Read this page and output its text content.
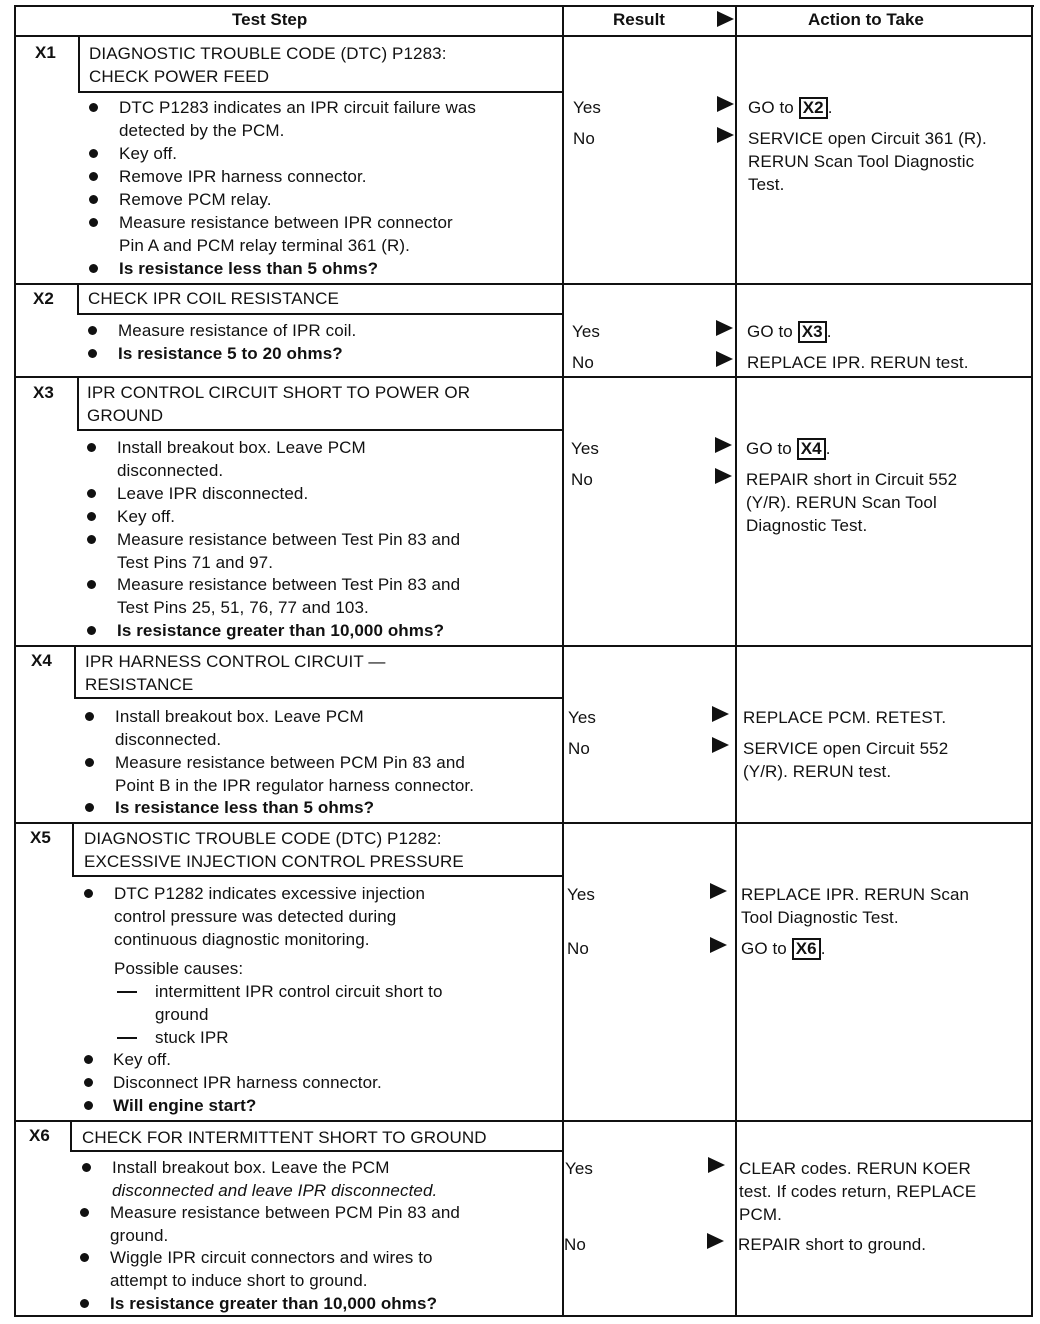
Test Step	Result	Action to Take
X1 DIAGNOSTIC TROUBLE CODE (DTC) P1283:
CHECK POWER FEED
DTC P1283 indicates an IPR circuit failure was
detected by the PCM.
Key off.
Remove IPR harness connector.
Remove PCM relay.
Measure resistance between IPR connector
Pin A and PCM relay terminal 361 (R).
Is resistance less than 5 ohms?
Yes	GO to X2 .
No	SERVICE open Circuit 361 (R).
RERUN Scan Tool Diagnostic
Test.
X2 CHECK IPR COIL RESISTANCE
Measure resistance of IPR coil.
Is resistance 5 to 20 ohms?
Yes	GO to X3 .
No	REPLACE IPR. RERUN test.
X3 IPR CONTROL CIRCUIT SHORT TO POWER OR
GROUND
Install breakout box. Leave PCM
disconnected.
Leave IPR disconnected.
Key off.
Measure resistance between Test Pin 83 and
Test Pins 71 and 97.
Measure resistance between Test Pin 83 and
Test Pins 25, 51, 76, 77 and 103.
Is resistance greater than 10,000 ohms?
Yes	GO to X4 .
No	REPAIR short in Circuit 552
(Y/R). RERUN Scan Tool
Diagnostic Test.
X4 IPR HARNESS CONTROL CIRCUIT —
RESISTANCE
Install breakout box. Leave PCM
disconnected.
Measure resistance between PCM Pin 83 and
Point B in the IPR regulator harness connector.
Is resistance less than 5 ohms?
Yes	REPLACE PCM. RETEST.
No	SERVICE open Circuit 552
(Y/R). RERUN test.
X5 DIAGNOSTIC TROUBLE CODE (DTC) P1282:
EXCESSIVE INJECTION CONTROL PRESSURE
DTC P1282 indicates excessive injection
control pressure was detected during
continuous diagnostic monitoring.
Possible causes:
intermittent IPR control circuit short to
ground
stuck IPR
Key off.
Disconnect IPR harness connector.
Will engine start?
Yes	REPLACE IPR. RERUN Scan
Tool Diagnostic Test.
No	GO to X6 .
X6 CHECK FOR INTERMITTENT SHORT TO GROUND
Install breakout box. Leave the PCM
disconnected and leave IPR disconnected.
Measure resistance between PCM Pin 83 and
ground.
Wiggle IPR circuit connectors and wires to
attempt to induce short to ground.
Is resistance greater than 10,000 ohms?
Yes	CLEAR codes. RERUN KOER
test. If codes return, REPLACE
PCM.
No	REPAIR short to ground.
